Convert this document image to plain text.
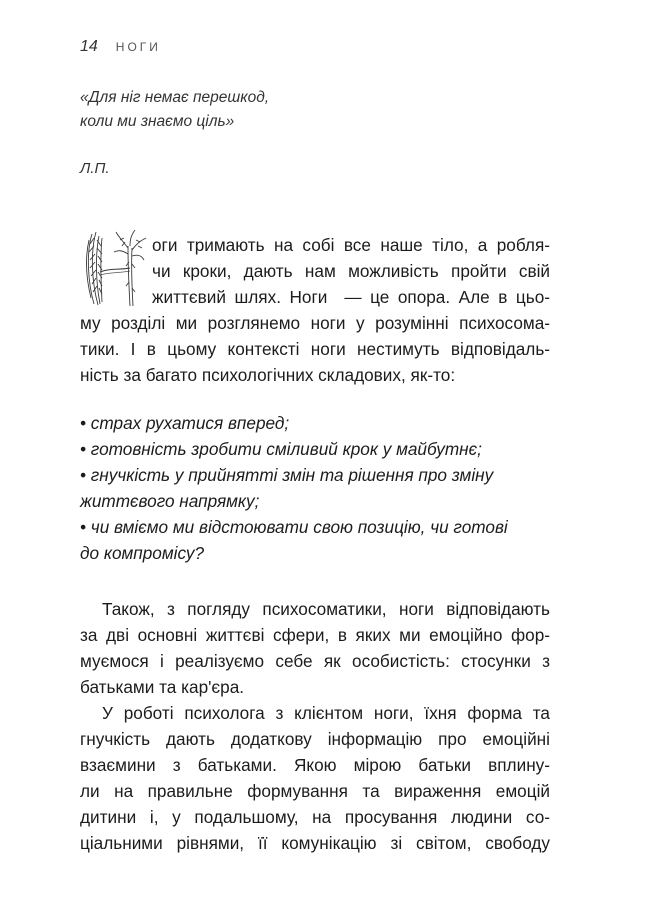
14 НОГИ
«Для ніг немає перешкод,
коли ми знаємо ціль»
Л.П.
оги тримають на собі все наше тіло, а робля-
чи кроки, дають нам можливість пройти свій
життєвий шлях. Ноги  — це опора. Але в цьо-
му розділі ми розглянемо ноги у розумінні психосома-
тики. І в цьому контексті ноги нестимуть відповідаль-
ність за багато психологічних складових, як-то:
• страх рухатися вперед;
• готовність зробити сміливий крок у майбутнє;
• гнучкість у прийнятті змін та рішення про зміну
життєвого напрямку;
• чи вміємо ми відстоювати свою позицію, чи готові
до компромісу?
Також, з погляду психосоматики, ноги відповідають
за дві основні життєві сфери, в яких ми емоційно фор-
муємося і реалізуємо себе як особистість: стосунки з
батьками та кар'єра.
У роботі психолога з клієнтом ноги, їхня форма та
гнучкість дають додаткову інформацію про емоційні
взаємини з батьками. Якою мірою батьки вплину-
ли на правильне формування та вираження емоцій
дитини і, у подальшому, на просування людини со-
ціальними рівнями, її комунікацію зі світом, свободу
